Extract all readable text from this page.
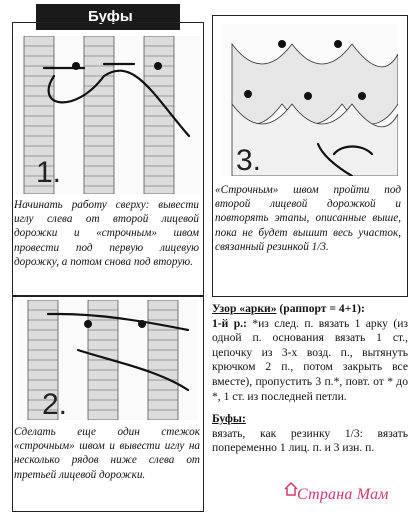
Буфы
1.

Начинать работу сверху: вывести иглу слева от второй лицевой дорожки и «строчным» швом провести под первую лицевую дорожку, а потом снова под вторую.

3.

«Строчным» швом пройти под второй лицевой дорожкой и повторять этапы, описанные выше, пока не будет вышит весь участок, связанный резинкой 1/3.

2.

Сделать еще один стежок «строчным» швом и вывести иглу на несколько рядов ниже слева от третьей лицевой дорожки.

Узор «арки» (раппорт = 4+1):

1-й р.: *из след. п. вязать 1 арку (из одной п. основания вязать 1 ст., цепочку из 3-х возд. п., вытянуть крючком 2 п., потом закрыть все вместе), пропустить 3 п.*, повт. от * до *, 1 ст. из последней петли.

Буфы:

вязать, как резинку 1/3: вязать попеременно 1 лиц. п. и 3 изн. п.

Страна Мам
